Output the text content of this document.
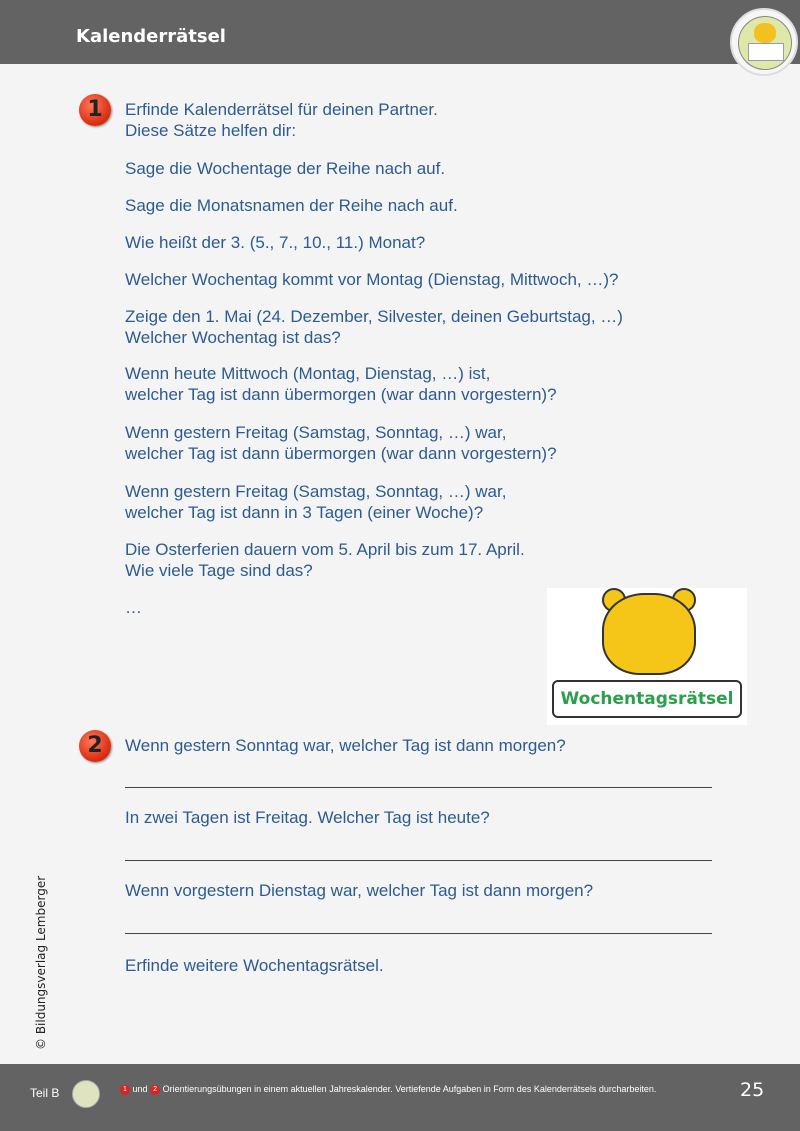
Kalenderrätsel
1	Erfinde Kalenderrätsel für deinen Partner.
Diese Sätze helfen dir:
Sage die Wochentage der Reihe nach auf.
Sage die Monatsnamen der Reihe nach auf.
Wie heißt der 3. (5., 7., 10., 11.) Monat?
Welcher Wochentag kommt vor Montag (Dienstag, Mittwoch, …)?
Zeige den 1. Mai (24. Dezember, Silvester, deinen Geburtstag, …)
Welcher Wochentag ist das?
Wenn heute Mittwoch (Montag, Dienstag, …) ist,
welcher Tag ist dann übermorgen (war dann vorgestern)?
Wenn gestern Freitag (Samstag, Sonntag, …) war,
welcher Tag ist dann übermorgen (war dann vorgestern)?
Wenn gestern Freitag (Samstag, Sonntag, …) war,
welcher Tag ist dann in 3 Tagen (einer Woche)?
Die Osterferien dauern vom 5. April bis zum 17. April.
Wie viele Tage sind das?
…
Wochentagsrätsel
2	Wenn gestern Sonntag war, welcher Tag ist dann morgen?
In zwei Tagen ist Freitag. Welcher Tag ist heute?
Wenn vorgestern Dienstag war, welcher Tag ist dann morgen?
Erfinde weitere Wochentagsrätsel.
© Bildungsverlag Lemberger
Teil B	1 und 2 Orientierungsübungen in einem aktuellen Jahreskalender. Vertiefende Aufgaben in Form des Kalenderrätsels durcharbeiten.	25
